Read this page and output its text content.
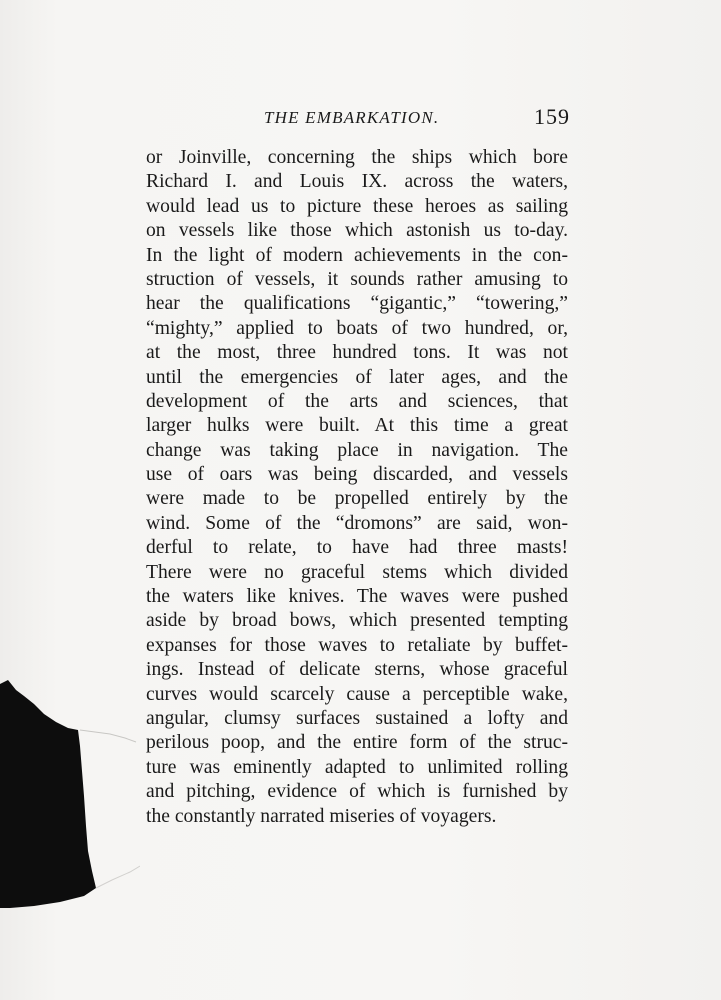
THE EMBARKATION.	159
or Joinville, concerning the ships which bore
Richard I. and Louis IX. across the waters,
would lead us to picture these heroes as sailing
on vessels like those which astonish us to-day.
In the light of modern achievements in the con-
struction of vessels, it sounds rather amusing to
hear the qualifications “gigantic,” “towering,”
“mighty,” applied to boats of two hundred, or,
at the most, three hundred tons. It was not
until the emergencies of later ages, and the
development of the arts and sciences, that
larger hulks were built. At this time a great
change was taking place in navigation. The
use of oars was being discarded, and vessels
were made to be propelled entirely by the
wind. Some of the “dromons” are said, won-
derful to relate, to have had three masts!
There were no graceful stems which divided
the waters like knives. The waves were pushed
aside by broad bows, which presented tempting
expanses for those waves to retaliate by buffet-
ings. Instead of delicate sterns, whose graceful
curves would scarcely cause a perceptible wake,
angular, clumsy surfaces sustained a lofty and
perilous poop, and the entire form of the struc-
ture was eminently adapted to unlimited rolling
and pitching, evidence of which is furnished by
the constantly narrated miseries of voyagers.
